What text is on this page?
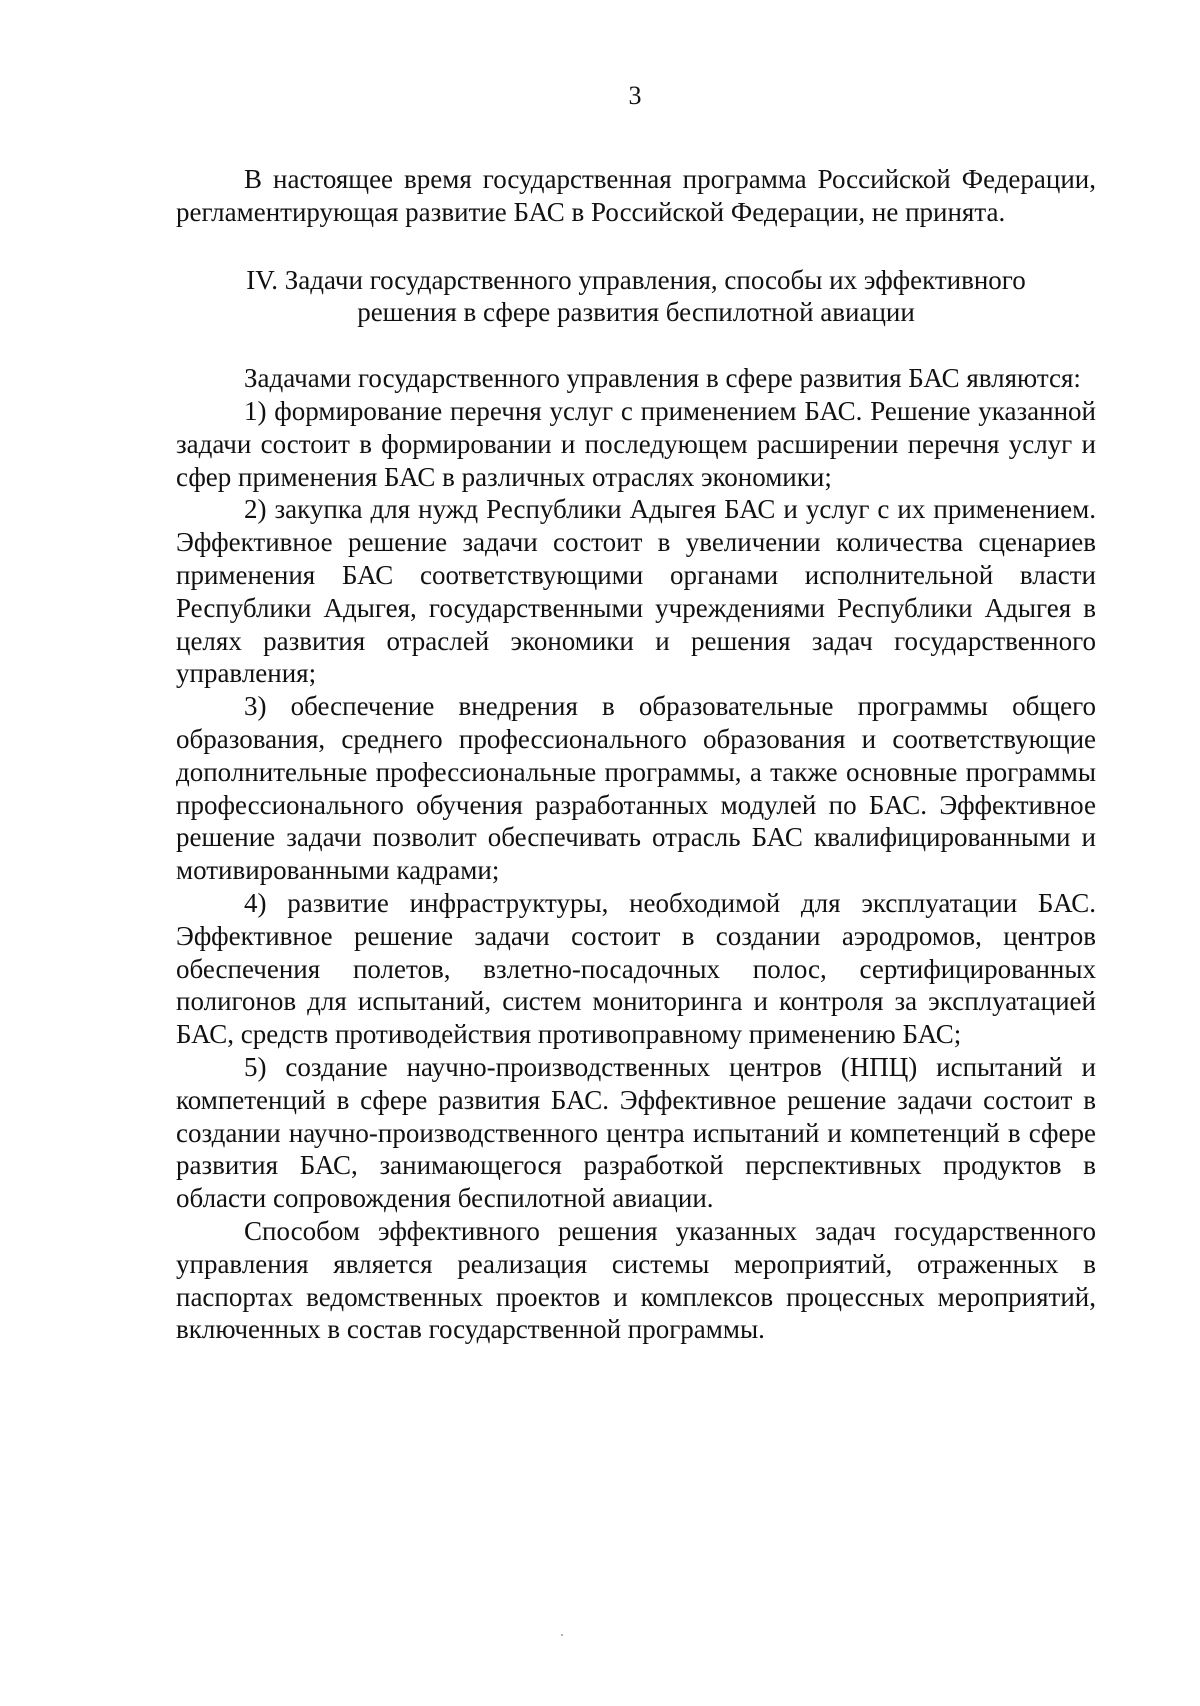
3

В настоящее время государственная программа Российской Федерации, регламентирующая развитие БАС в Российской Федерации, не принята.

IV. Задачи государственного управления, способы их эффективного
решения в сфере развития беспилотной авиации

Задачами государственного управления в сфере развития БАС являются:

1) формирование перечня услуг с применением БАС. Решение указанной задачи состоит в формировании и последующем расширении перечня услуг и сфер применения БАС в различных отраслях экономики;

2) закупка для нужд Республики Адыгея БАС и услуг с их применением. Эффективное решение задачи состоит в увеличении количества сценариев применения БАС соответствующими органами исполнительной власти Республики Адыгея, государственными учреждениями Республики Адыгея в целях развития отраслей экономики и решения задач государственного управления;

3) обеспечение внедрения в образовательные программы общего образования, среднего профессионального образования и соответствующие дополнительные профессиональные программы, а также основные программы профессионального обучения разработанных модулей по БАС. Эффективное решение задачи позволит обеспечивать отрасль БАС квалифицированными и мотивированными кадрами;

4) развитие инфраструктуры, необходимой для эксплуатации БАС. Эффективное решение задачи состоит в создании аэродромов, центров обеспечения полетов, взлетно-посадочных полос, сертифицированных полигонов для испытаний, систем мониторинга и контроля за эксплуатацией БАС, средств противодействия противоправному применению БАС;

5) создание научно-производственных центров (НПЦ) испытаний и компетенций в сфере развития БАС. Эффективное решение задачи состоит в создании научно-производственного центра испытаний и компетенций в сфере развития БАС, занимающегося разработкой перспективных продуктов в области сопровождения беспилотной авиации.

Способом эффективного решения указанных задач государственного управления является реализация системы мероприятий, отраженных в паспортах ведомственных проектов и комплексов процессных мероприятий, включенных в состав государственной программы.
